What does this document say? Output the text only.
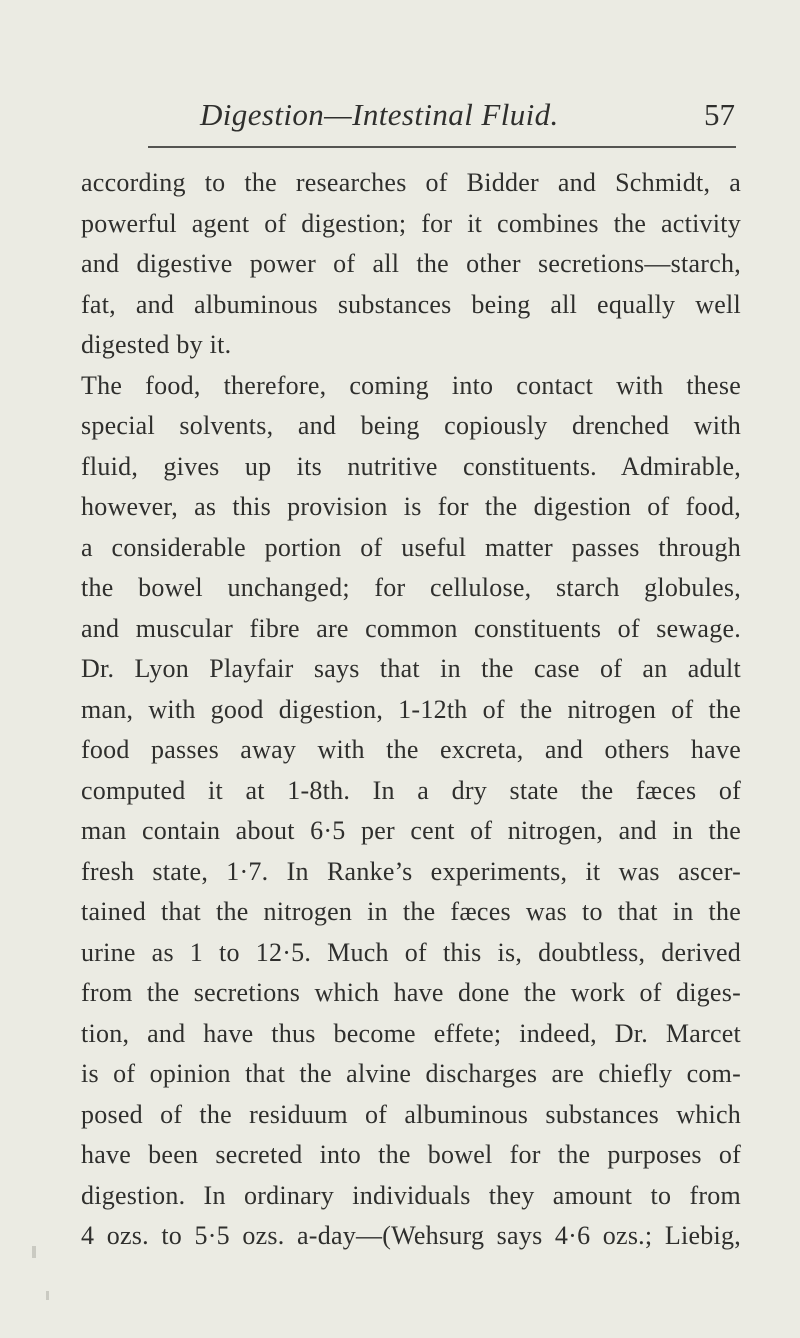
Digestion—Intestinal Fluid.	57
according to the researches of Bidder and Schmidt, a
powerful agent of digestion; for it combines the activity
and digestive power of all the other secretions—starch,
fat, and albuminous substances being all equally well
digested by it.
The food, therefore, coming into contact with these
special solvents, and being copiously drenched with
fluid, gives up its nutritive constituents. Admirable,
however, as this provision is for the digestion of food,
a considerable portion of useful matter passes through
the bowel unchanged; for cellulose, starch globules,
and muscular fibre are common constituents of sewage.
Dr. Lyon Playfair says that in the case of an adult
man, with good digestion, 1-12th of the nitrogen of the
food passes away with the excreta, and others have
computed it at 1-8th. In a dry state the fæces of
man contain about 6·5 per cent of nitrogen, and in the
fresh state, 1·7. In Ranke’s experiments, it was ascer-
tained that the nitrogen in the fæces was to that in the
urine as 1 to 12·5. Much of this is, doubtless, derived
from the secretions which have done the work of diges-
tion, and have thus become effete; indeed, Dr. Marcet
is of opinion that the alvine discharges are chiefly com-
posed of the residuum of albuminous substances which
have been secreted into the bowel for the purposes of
digestion. In ordinary individuals they amount to from
4 ozs. to 5·5 ozs. a-day—(Wehsurg says 4·6 ozs.; Liebig,
